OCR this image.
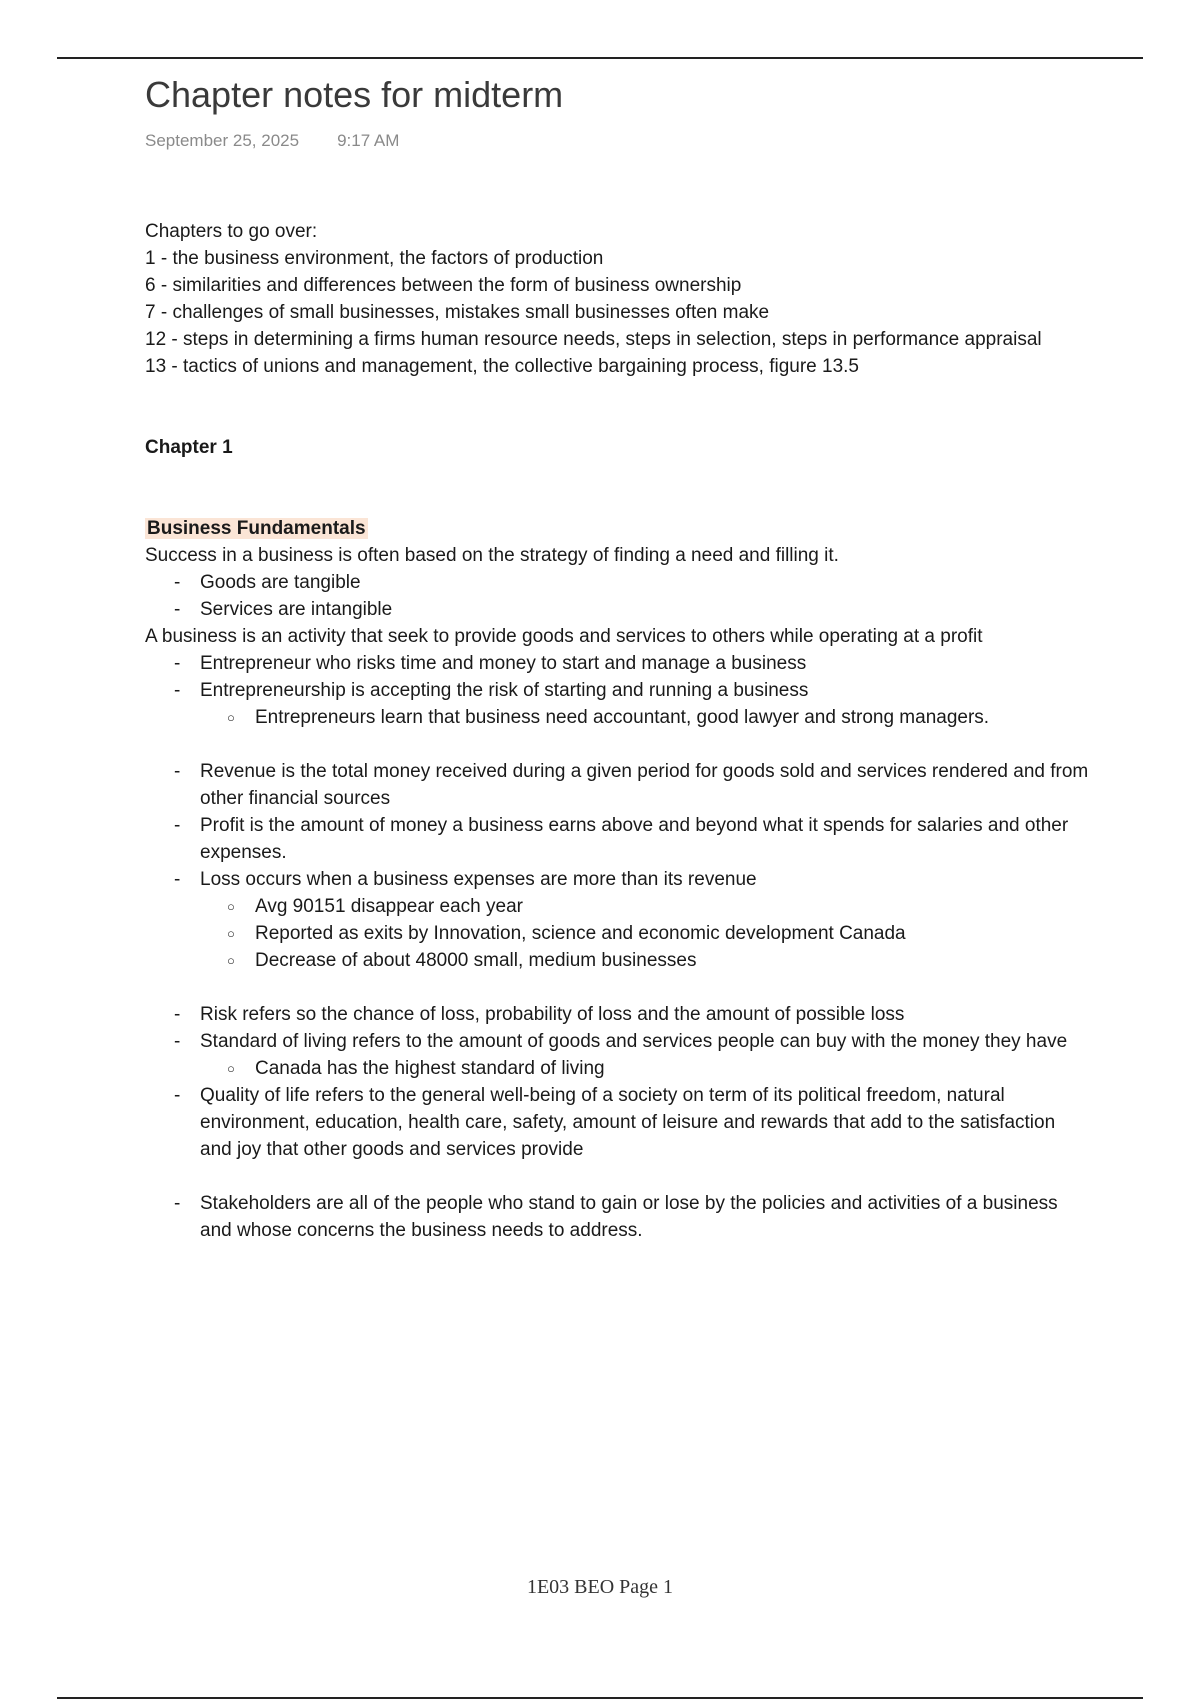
Chapter notes for midterm
September 25, 2025 9:17 AM

Chapters to go over:

1 - the business environment, the factors of production

6 - similarities and differences between the form of business ownership

7 - challenges of small businesses, mistakes small businesses often make

12 - steps in determining a firms human resource needs, steps in selection, steps in performance appraisal

13 - tactics of unions and management, the collective bargaining process, figure 13.5

Chapter 1

Business Fundamentals

Success in a business is often based on the strategy of finding a need and filling it.

- Goods are tangible
- Services are intangible

A business is an activity that seek to provide goods and services to others while operating at a profit

- Entrepreneur who risks time and money to start and manage a business
- Entrepreneurship is accepting the risk of starting and running a business
○ Entrepreneurs learn that business need accountant, good lawyer and strong managers.
- Revenue is the total money received during a given period for goods sold and services rendered and from other financial sources
- Profit is the amount of money a business earns above and beyond what it spends for salaries and other expenses.
- Loss occurs when a business expenses are more than its revenue
○ Avg 90151 disappear each year
○ Reported as exits by Innovation, science and economic development Canada
○ Decrease of about 48000 small, medium businesses
- Risk refers so the chance of loss, probability of loss and the amount of possible loss
- Standard of living refers to the amount of goods and services people can buy with the money they have
○ Canada has the highest standard of living
- Quality of life refers to the general well-being of a society on term of its political freedom, natural environment, education, health care, safety, amount of leisure and rewards that add to the satisfaction and joy that other goods and services provide
- Stakeholders are all of the people who stand to gain or lose by the policies and activities of a business and whose concerns the business needs to address.
1E03 BEO Page 1
